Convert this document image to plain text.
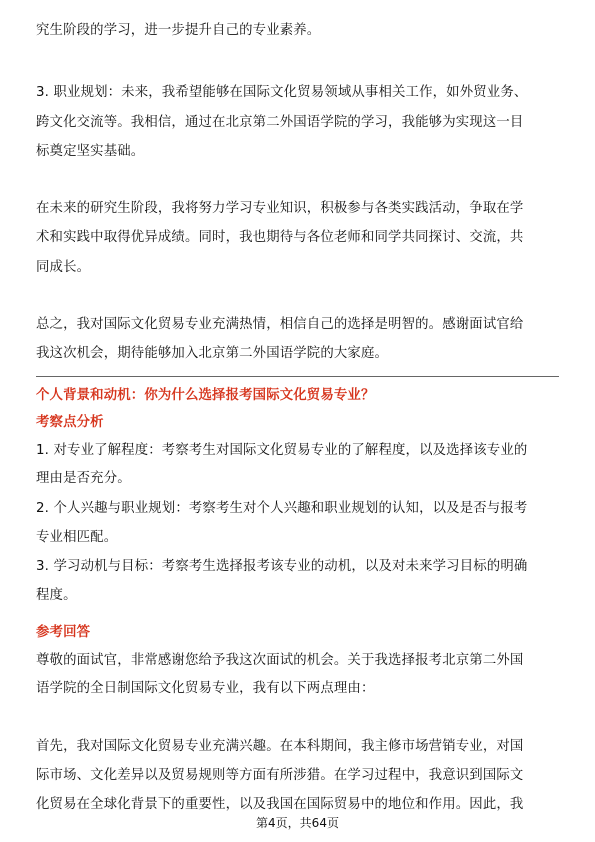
究生阶段的学习，进一步提升自己的专业素养。
3. 职业规划：未来，我希望能够在国际文化贸易领域从事相关工作，如外贸业务、
跨文化交流等。我相信，通过在北京第二外国语学院的学习，我能够为实现这一目
标奠定坚实基础。
在未来的研究生阶段，我将努力学习专业知识，积极参与各类实践活动，争取在学
术和实践中取得优异成绩。同时，我也期待与各位老师和同学共同探讨、交流，共
同成长。
总之，我对国际文化贸易专业充满热情，相信自己的选择是明智的。感谢面试官给
我这次机会，期待能够加入北京第二外国语学院的大家庭。
个人背景和动机：你为什么选择报考国际文化贸易专业？
考察点分析
1. 对专业了解程度：考察考生对国际文化贸易专业的了解程度，以及选择该专业的
理由是否充分。
2. 个人兴趣与职业规划：考察考生对个人兴趣和职业规划的认知，以及是否与报考
专业相匹配。
3. 学习动机与目标：考察考生选择报考该专业的动机，以及对未来学习目标的明确
程度。
参考回答
尊敬的面试官，非常感谢您给予我这次面试的机会。关于我选择报考北京第二外国
语学院的全日制国际文化贸易专业，我有以下两点理由：
首先，我对国际文化贸易专业充满兴趣。在本科期间，我主修市场营销专业，对国
际市场、文化差异以及贸易规则等方面有所涉猎。在学习过程中，我意识到国际文
化贸易在全球化背景下的重要性，以及我国在国际贸易中的地位和作用。因此，我
第4页，共64页
